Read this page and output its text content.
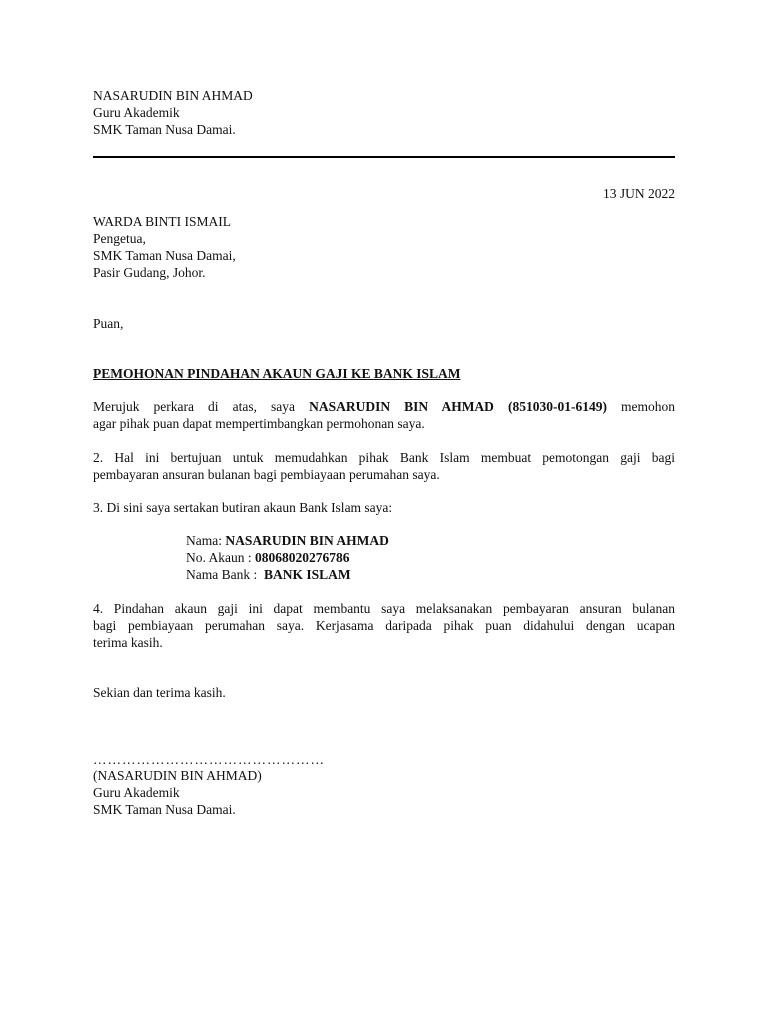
NASARUDIN BIN AHMAD
Guru Akademik
SMK Taman Nusa Damai.
13 JUN 2022
WARDA BINTI ISMAIL
Pengetua,
SMK Taman Nusa Damai,
Pasir Gudang, Johor.
Puan,
PEMOHONAN PINDAHAN AKAUN GAJI KE BANK ISLAM
Merujuk perkara di atas, saya NASARUDIN BIN AHMAD (851030-01-6149) memohon
agar pihak puan dapat mempertimbangkan permohonan saya.
2. Hal ini bertujuan untuk memudahkan pihak Bank Islam membuat pemotongan gaji bagi
pembayaran ansuran bulanan bagi pembiayaan perumahan saya.
3. Di sini saya sertakan butiran akaun Bank Islam saya:
Nama: NASARUDIN BIN AHMAD
No. Akaun : 08068020276786
Nama Bank : BANK ISLAM
4. Pindahan akaun gaji ini dapat membantu saya melaksanakan pembayaran ansuran bulanan
bagi pembiayaan perumahan saya. Kerjasama daripada pihak puan didahului dengan ucapan
terima kasih.
Sekian dan terima kasih.
…………………………………………
(NASARUDIN BIN AHMAD)
Guru Akademik
SMK Taman Nusa Damai.
